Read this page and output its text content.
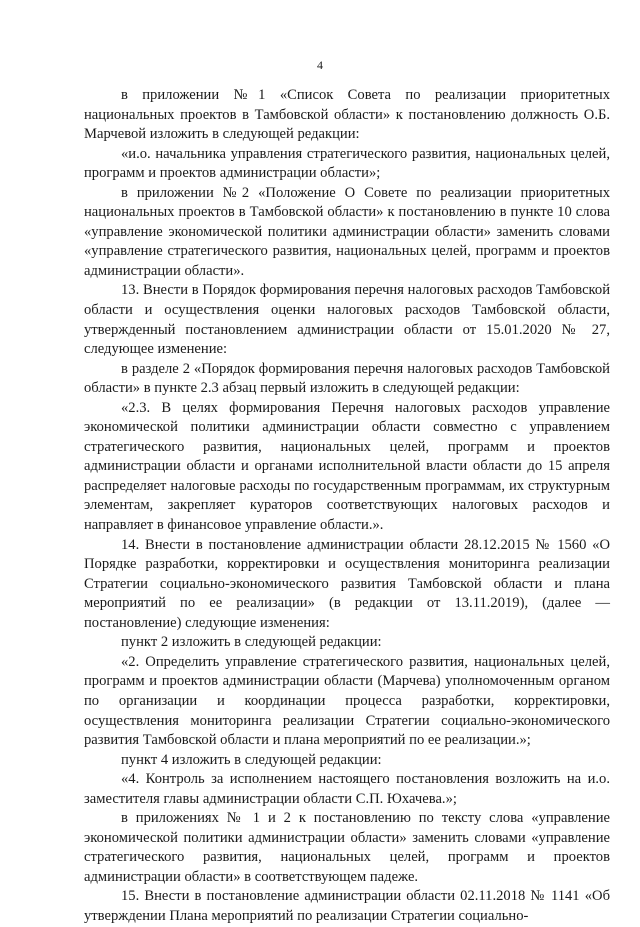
4

в приложении №1 «Список Совета по реализации приоритетных национальных проектов в Тамбовской области» к постановлению должность О.Б. Марчевой изложить в следующей редакции:

«и.о. начальника управления стратегического развития, национальных целей, программ и проектов администрации области»;

в приложении №2 «Положение О Совете по реализации приоритетных национальных проектов в Тамбовской области» к постановлению в пункте 10 слова «управление экономической политики администрации области» заменить словами «управление стратегического развития, национальных целей, программ и проектов администрации области».

13. Внести в Порядок формирования перечня налоговых расходов Тамбовской области и осуществления оценки налоговых расходов Тамбовской области, утвержденный постановлением администрации области от 15.01.2020 № 27, следующее изменение:

в разделе 2 «Порядок формирования перечня налоговых расходов Тамбовской области» в пункте 2.3 абзац первый изложить в следующей редакции:

«2.3. В целях формирования Перечня налоговых расходов управление экономической политики администрации области совместно с управлением стратегического развития, национальных целей, программ и проектов администрации области и органами исполнительной власти области до 15 апреля распределяет налоговые расходы по государственным программам, их структурным элементам, закрепляет кураторов соответствующих налоговых расходов и направляет в финансовое управление области.».

14. Внести в постановление администрации области 28.12.2015 № 1560 «О Порядке разработки, корректировки и осуществления мониторинга реализации Стратегии социально-экономического развития Тамбовской области и плана мероприятий по ее реализации» (в редакции от 13.11.2019), (далее — постановление) следующие изменения:

пункт 2 изложить в следующей редакции:

«2. Определить управление стратегического развития, национальных целей, программ и проектов администрации области (Марчева) уполномоченным органом по организации и координации процесса разработки, корректировки, осуществления мониторинга реализации Стратегии социально-экономического развития Тамбовской области и плана мероприятий по ее реализации.»;

пункт 4 изложить в следующей редакции:

«4. Контроль за исполнением настоящего постановления возложить на и.о. заместителя главы администрации области С.П. Юхачева.»;

в приложениях № 1 и 2 к постановлению по тексту слова «управление экономической политики администрации области» заменить словами «управление стратегического развития, национальных целей, программ и проектов администрации области» в соответствующем падеже.

15. Внести в постановление администрации области 02.11.2018 № 1141 «Об утверждении Плана мероприятий по реализации Стратегии социально-
